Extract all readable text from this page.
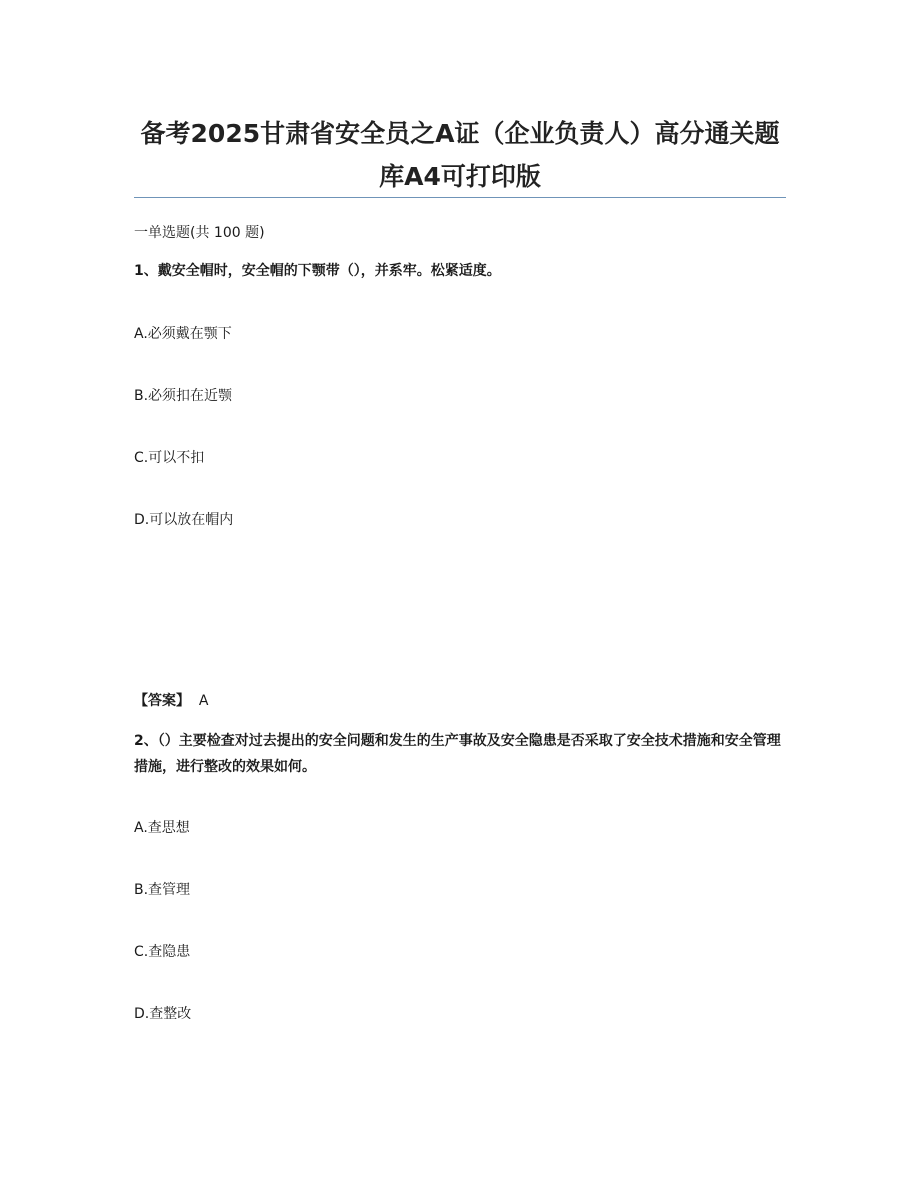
备考2025甘肃省安全员之A证（企业负责人）高分通关题库A4可打印版

一单选题(共 100 题)

1、戴安全帽时，安全帽的下颚带（），并系牢。松紧适度。

A.必须戴在颚下

B.必须扣在近颚

C.可以不扣

D.可以放在帽内

【答案】 A

2、（）主要检查对过去提出的安全问题和发生的生产事故及安全隐患是否采取了安全技术措施和安全管理措施，进行整改的效果如何。

A.查思想

B.查管理

C.查隐患

D.查整改
